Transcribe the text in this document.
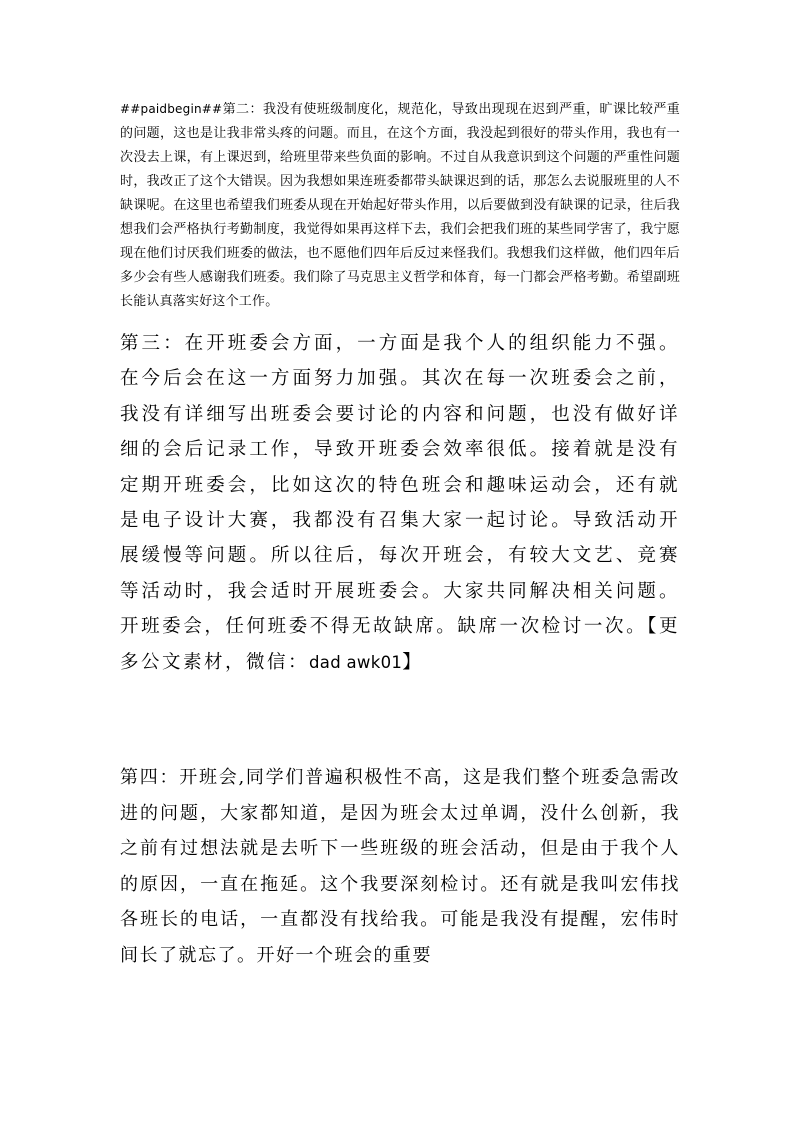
##paidbegin##第二：我没有使班级制度化，规范化，导致出现现在迟到严重，旷课比较严重的问题，这也是让我非常头疼的问题。而且，在这个方面，我没起到很好的带头作用，我也有一次没去上课，有上课迟到，给班里带来些负面的影响。不过自从我意识到这个问题的严重性问题时，我改正了这个大错误。因为我想如果连班委都带头缺课迟到的话，那怎么去说服班里的人不缺课呢。在这里也希望我们班委从现在开始起好带头作用，以后要做到没有缺课的记录，往后我想我们会严格执行考勤制度，我觉得如果再这样下去，我们会把我们班的某些同学害了，我宁愿现在他们讨厌我们班委的做法，也不愿他们四年后反过来怪我们。我想我们这样做，他们四年后多少会有些人感谢我们班委。我们除了马克思主义哲学和体育，每一门都会严格考勤。希望副班长能认真落实好这个工作。

第三：在开班委会方面，一方面是我个人的组织能力不强。在今后会在这一方面努力加强。其次在每一次班委会之前，我没有详细写出班委会要讨论的内容和问题，也没有做好详细的会后记录工作，导致开班委会效率很低。接着就是没有定期开班委会，比如这次的特色班会和趣味运动会，还有就是电子设计大赛，我都没有召集大家一起讨论。导致活动开展缓慢等问题。所以往后，每次开班会，有较大文艺、竞赛等活动时，我会适时开展班委会。大家共同解决相关问题。开班委会，任何班委不得无故缺席。缺席一次检讨一次。【更多公文素材，微信：dad awk01】

第四：开班会,同学们普遍积极性不高，这是我们整个班委急需改进的问题，大家都知道，是因为班会太过单调，没什么创新，我之前有过想法就是去听下一些班级的班会活动，但是由于我个人的原因，一直在拖延。这个我要深刻检讨。还有就是我叫宏伟找各班长的电话，一直都没有找给我。可能是我没有提醒，宏伟时间长了就忘了。开好一个班会的重要
